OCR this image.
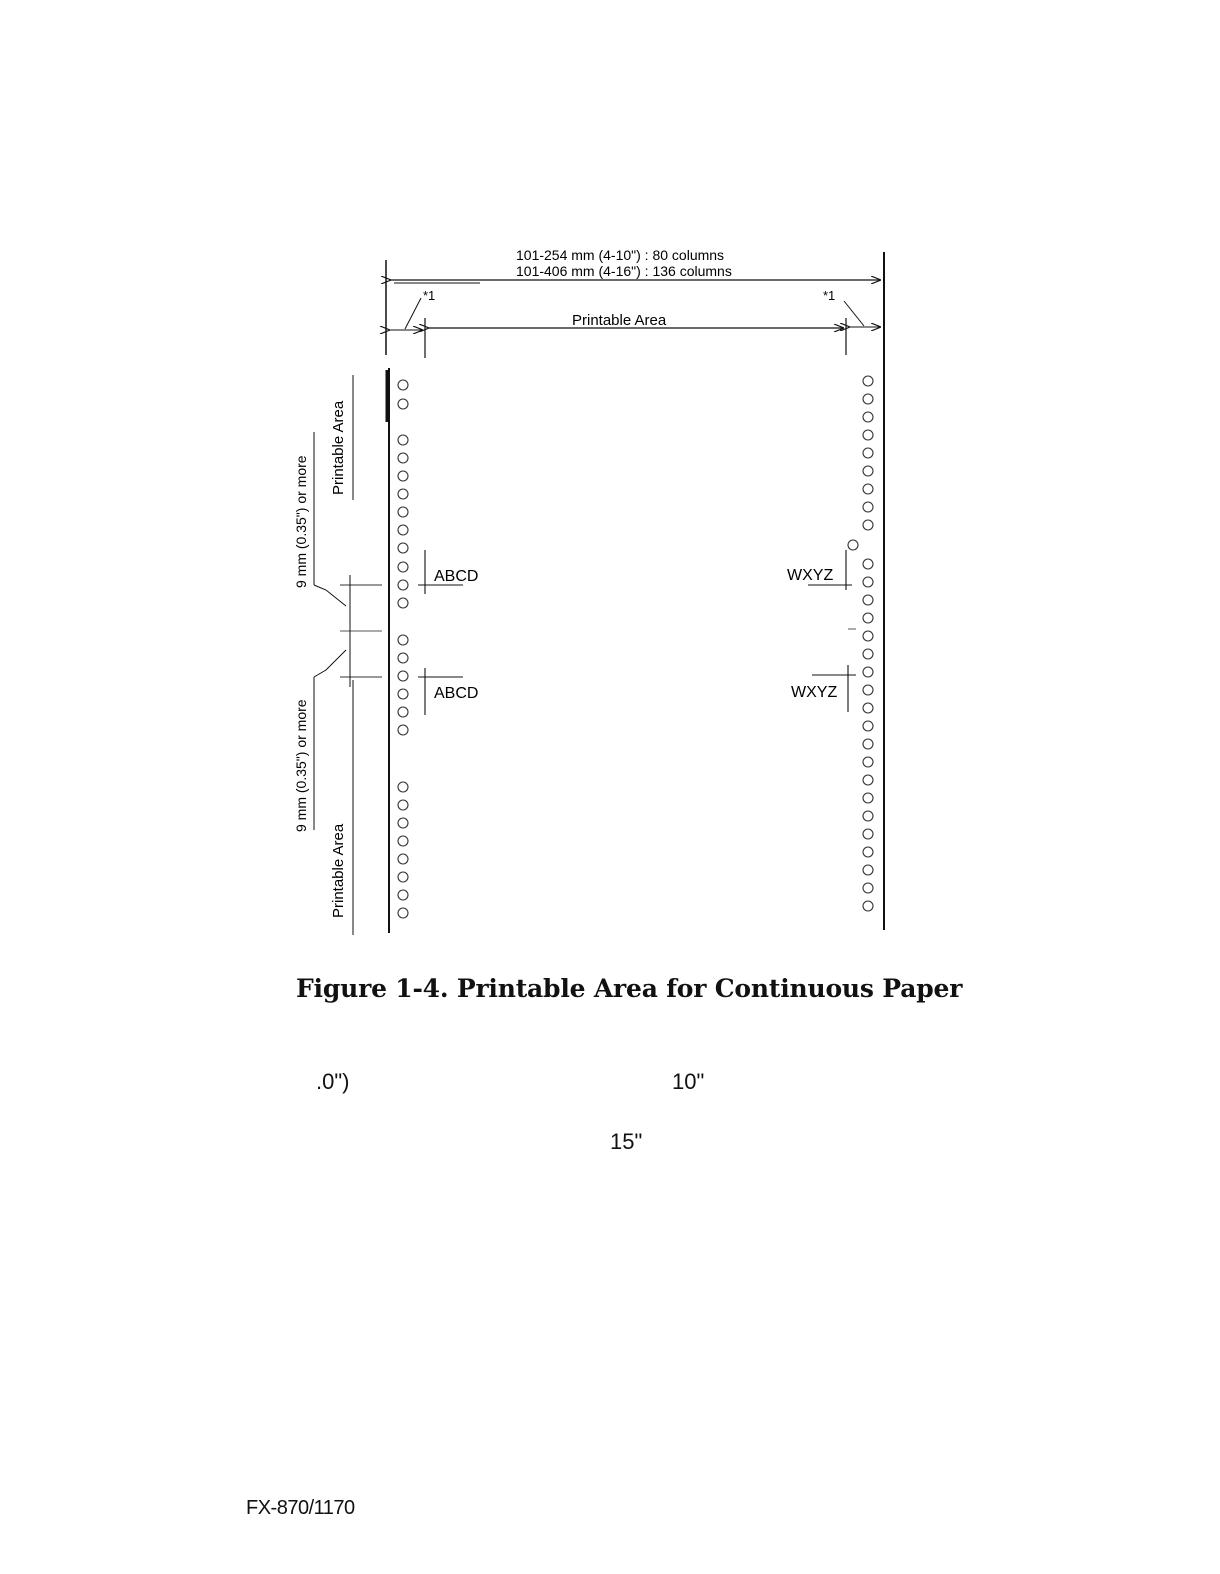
101-254 mm (4-10") : 80 columns
101-406 mm (4-16") : 136 columns
Printable Area
*1	*1
ABCD
ABCD
WXYZ
WXYZ
Printable Area
9 mm (0.35") or more
9 mm (0.35") or more
Printable Area
Figure 1-4. Printable Area for Continuous Paper
.0")	10"
15"
FX-870/1170
